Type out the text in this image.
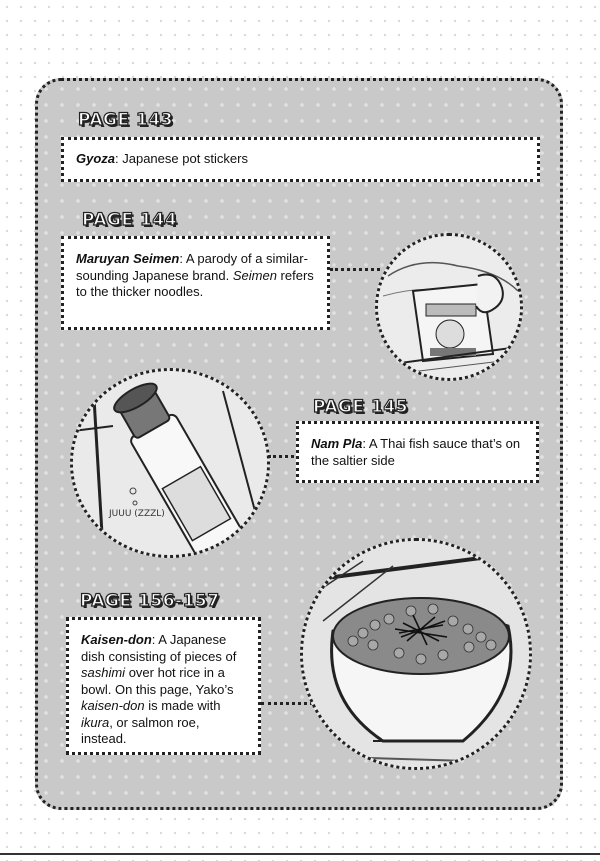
PAGE 143
Gyoza: Japanese pot stickers
PAGE 144
Maruyan Seimen: A parody of a similar-sounding Japanese brand. Seimen refers to the thicker noodles.
JUUU (ZZZL)
PAGE 145
Nam Pla: A Thai fish sauce that’s on the saltier side
PAGE 156-157
Kaisen-don: A Japanese dish consisting of pieces of sashimi over hot rice in a bowl. On this page, Yako’s kaisen-don is made with ikura, or salmon roe, instead.
